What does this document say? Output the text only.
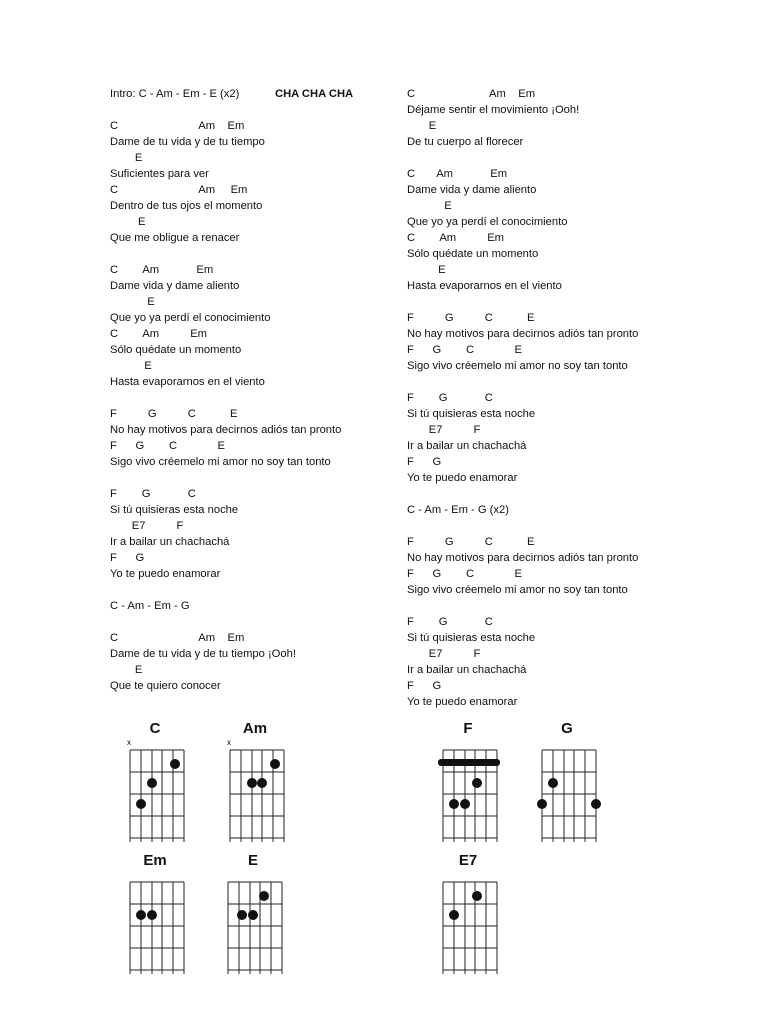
CHA CHA CHA
Intro: C - Am - Em - E (x2)
C                          Am    Em
Dame de tu vida y de tu tiempo
E
Suficientes para ver
C                          Am     Em
Dentro de tus ojos el momento
E
Que me obligue a renacer
C        Am            Em
Dame vida y dame aliento
E
Que yo ya perdí el conocimiento
C        Am          Em
Sólo quédate un momento
E
Hasta evaporarnos en el viento
F          G          C           E
No hay motivos para decirnos adiós tan pronto
F      G        C             E
Sigo vivo créemelo mi amor no soy tan tonto
F        G            C
Si tú quisieras esta noche
E7          F
Ir a bailar un chachachá
F      G
Yo te puedo enamorar
C - Am - Em - G
C                          Am    Em
Dame de tu vida y de tu tiempo ¡Ooh!
E
Que te quiero conocer
C                        Am    Em
Déjame sentir el movimiento ¡Ooh!
E
De tu cuerpo al florecer
C       Am            Em
Dame vida y dame aliento
E
Que yo ya perdí el conocimiento
C        Am          Em
Sólo quédate un momento
E
Hasta evaporarnos en el viento
F          G          C           E
No hay motivos para decirnos adiós tan pronto
F      G        C             E
Sigo vivo créemelo mi amor no soy tan tonto
F        G            C
Si tú quisieras esta noche
E7          F
Ir a bailar un chachachá
F      G
Yo te puedo enamorar
C - Am - Em - G (x2)
F          G          C           E
No hay motivos para decirnos adiós tan pronto
F      G        C             E
Sigo vivo créemelo mi amor no soy tan tonto
F        G            C
Si tú quisieras esta noche
E7          F
Ir a bailar un chachachá
F      G
Yo te puedo enamorar
C
x
Am
x
F	G
Em	E	E7
